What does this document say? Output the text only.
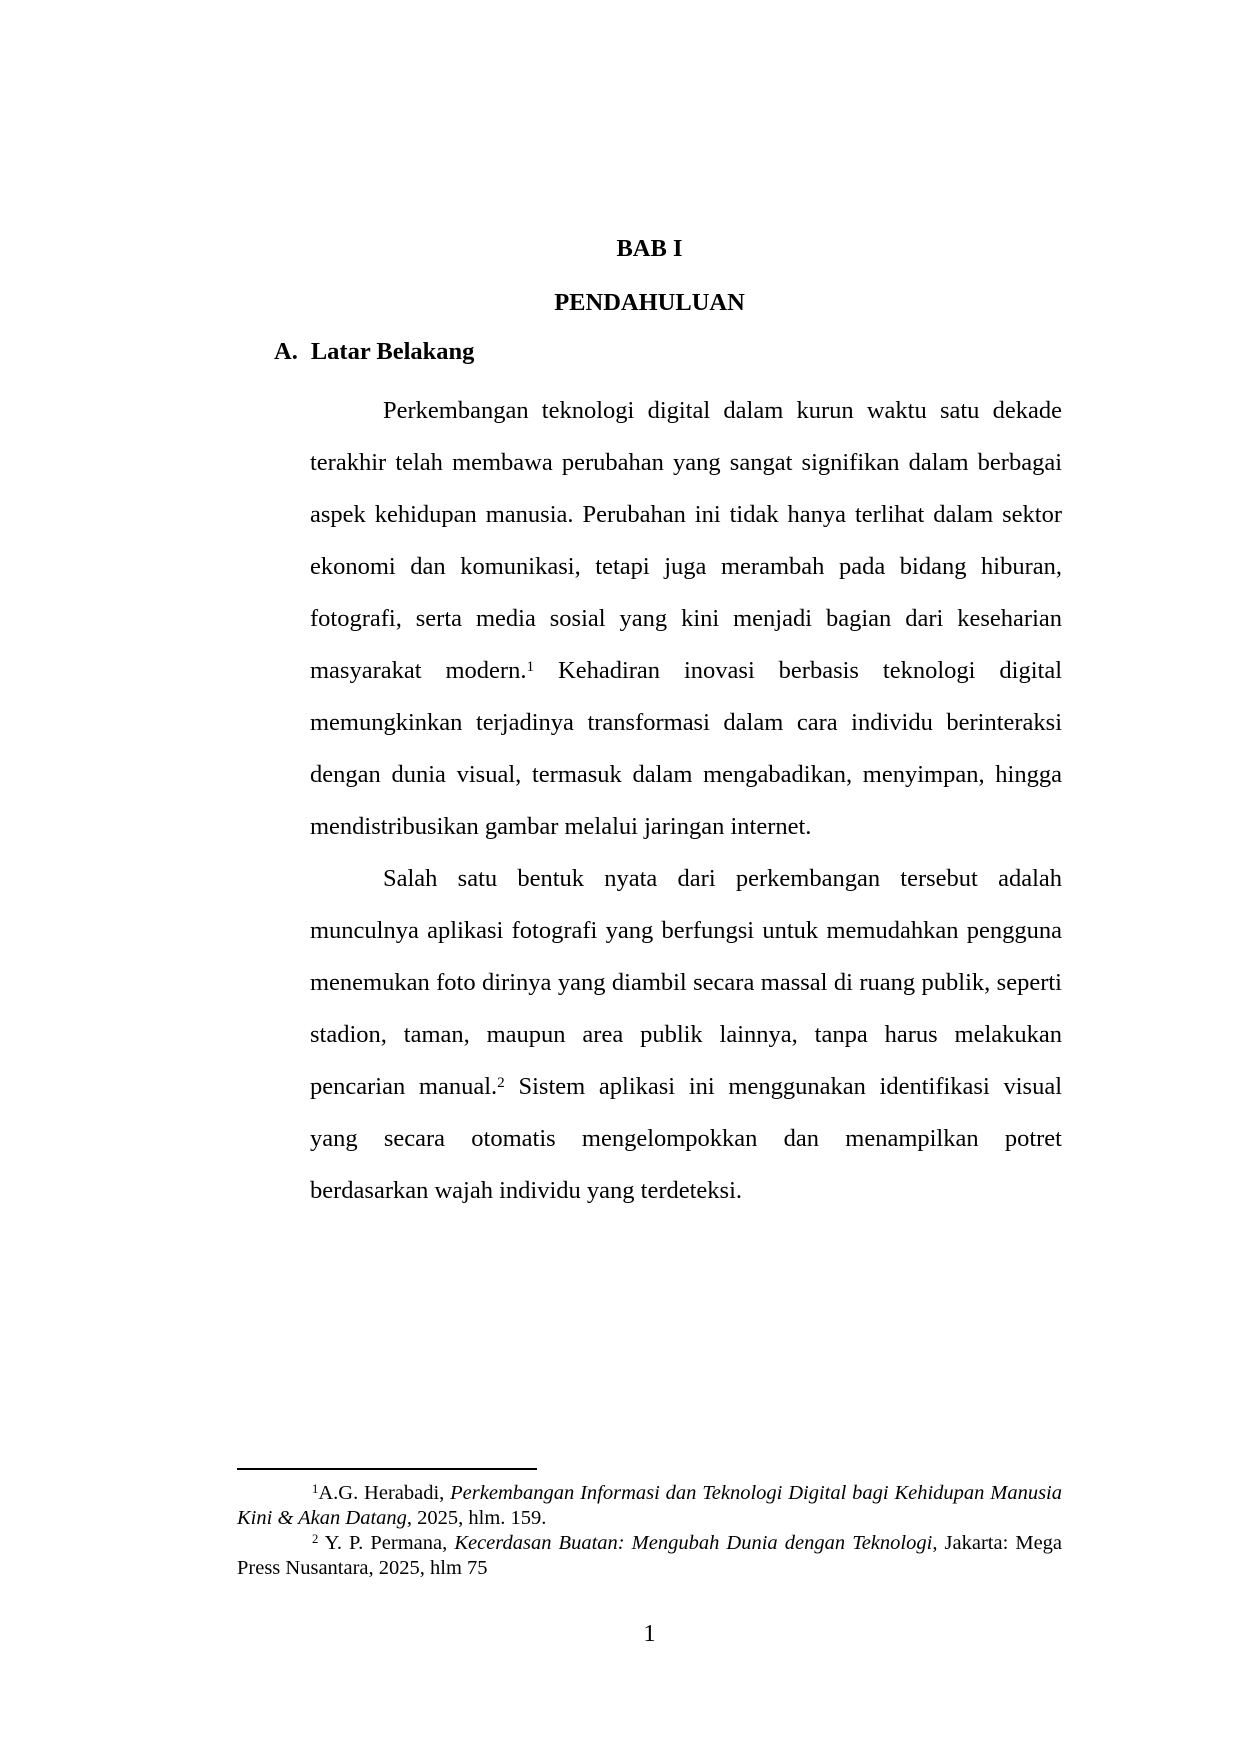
BAB I
PENDAHULUAN
A. Latar Belakang
Perkembangan teknologi digital dalam kurun waktu satu dekade
terakhir telah membawa perubahan yang sangat signifikan dalam berbagai
aspek kehidupan manusia. Perubahan ini tidak hanya terlihat dalam sektor
ekonomi dan komunikasi, tetapi juga merambah pada bidang hiburan,
fotografi, serta media sosial yang kini menjadi bagian dari keseharian
masyarakat modern.$^1$ Kehadiran inovasi berbasis teknologi digital
memungkinkan terjadinya transformasi dalam cara individu berinteraksi
dengan dunia visual, termasuk dalam mengabadikan, menyimpan, hingga
mendistribusikan gambar melalui jaringan internet.
Salah satu bentuk nyata dari perkembangan tersebut adalah
munculnya aplikasi fotografi yang berfungsi untuk memudahkan pengguna
menemukan foto dirinya yang diambil secara massal di ruang publik, seperti
stadion, taman, maupun area publik lainnya, tanpa harus melakukan
pencarian manual.$^2$ Sistem aplikasi ini menggunakan identifikasi visual
yang secara otomatis mengelompokkan dan menampilkan potret
berdasarkan wajah individu yang terdeteksi.
$^1$A.G. Herabadi, Perkembangan Informasi dan Teknologi Digital bagi Kehidupan Manusia
Kini & Akan Datang, 2025, hlm. 159.
$^2$ Y. P. Permana, Kecerdasan Buatan: Mengubah Dunia dengan Teknologi, Jakarta: Mega
Press Nusantara, 2025, hlm 75
1
